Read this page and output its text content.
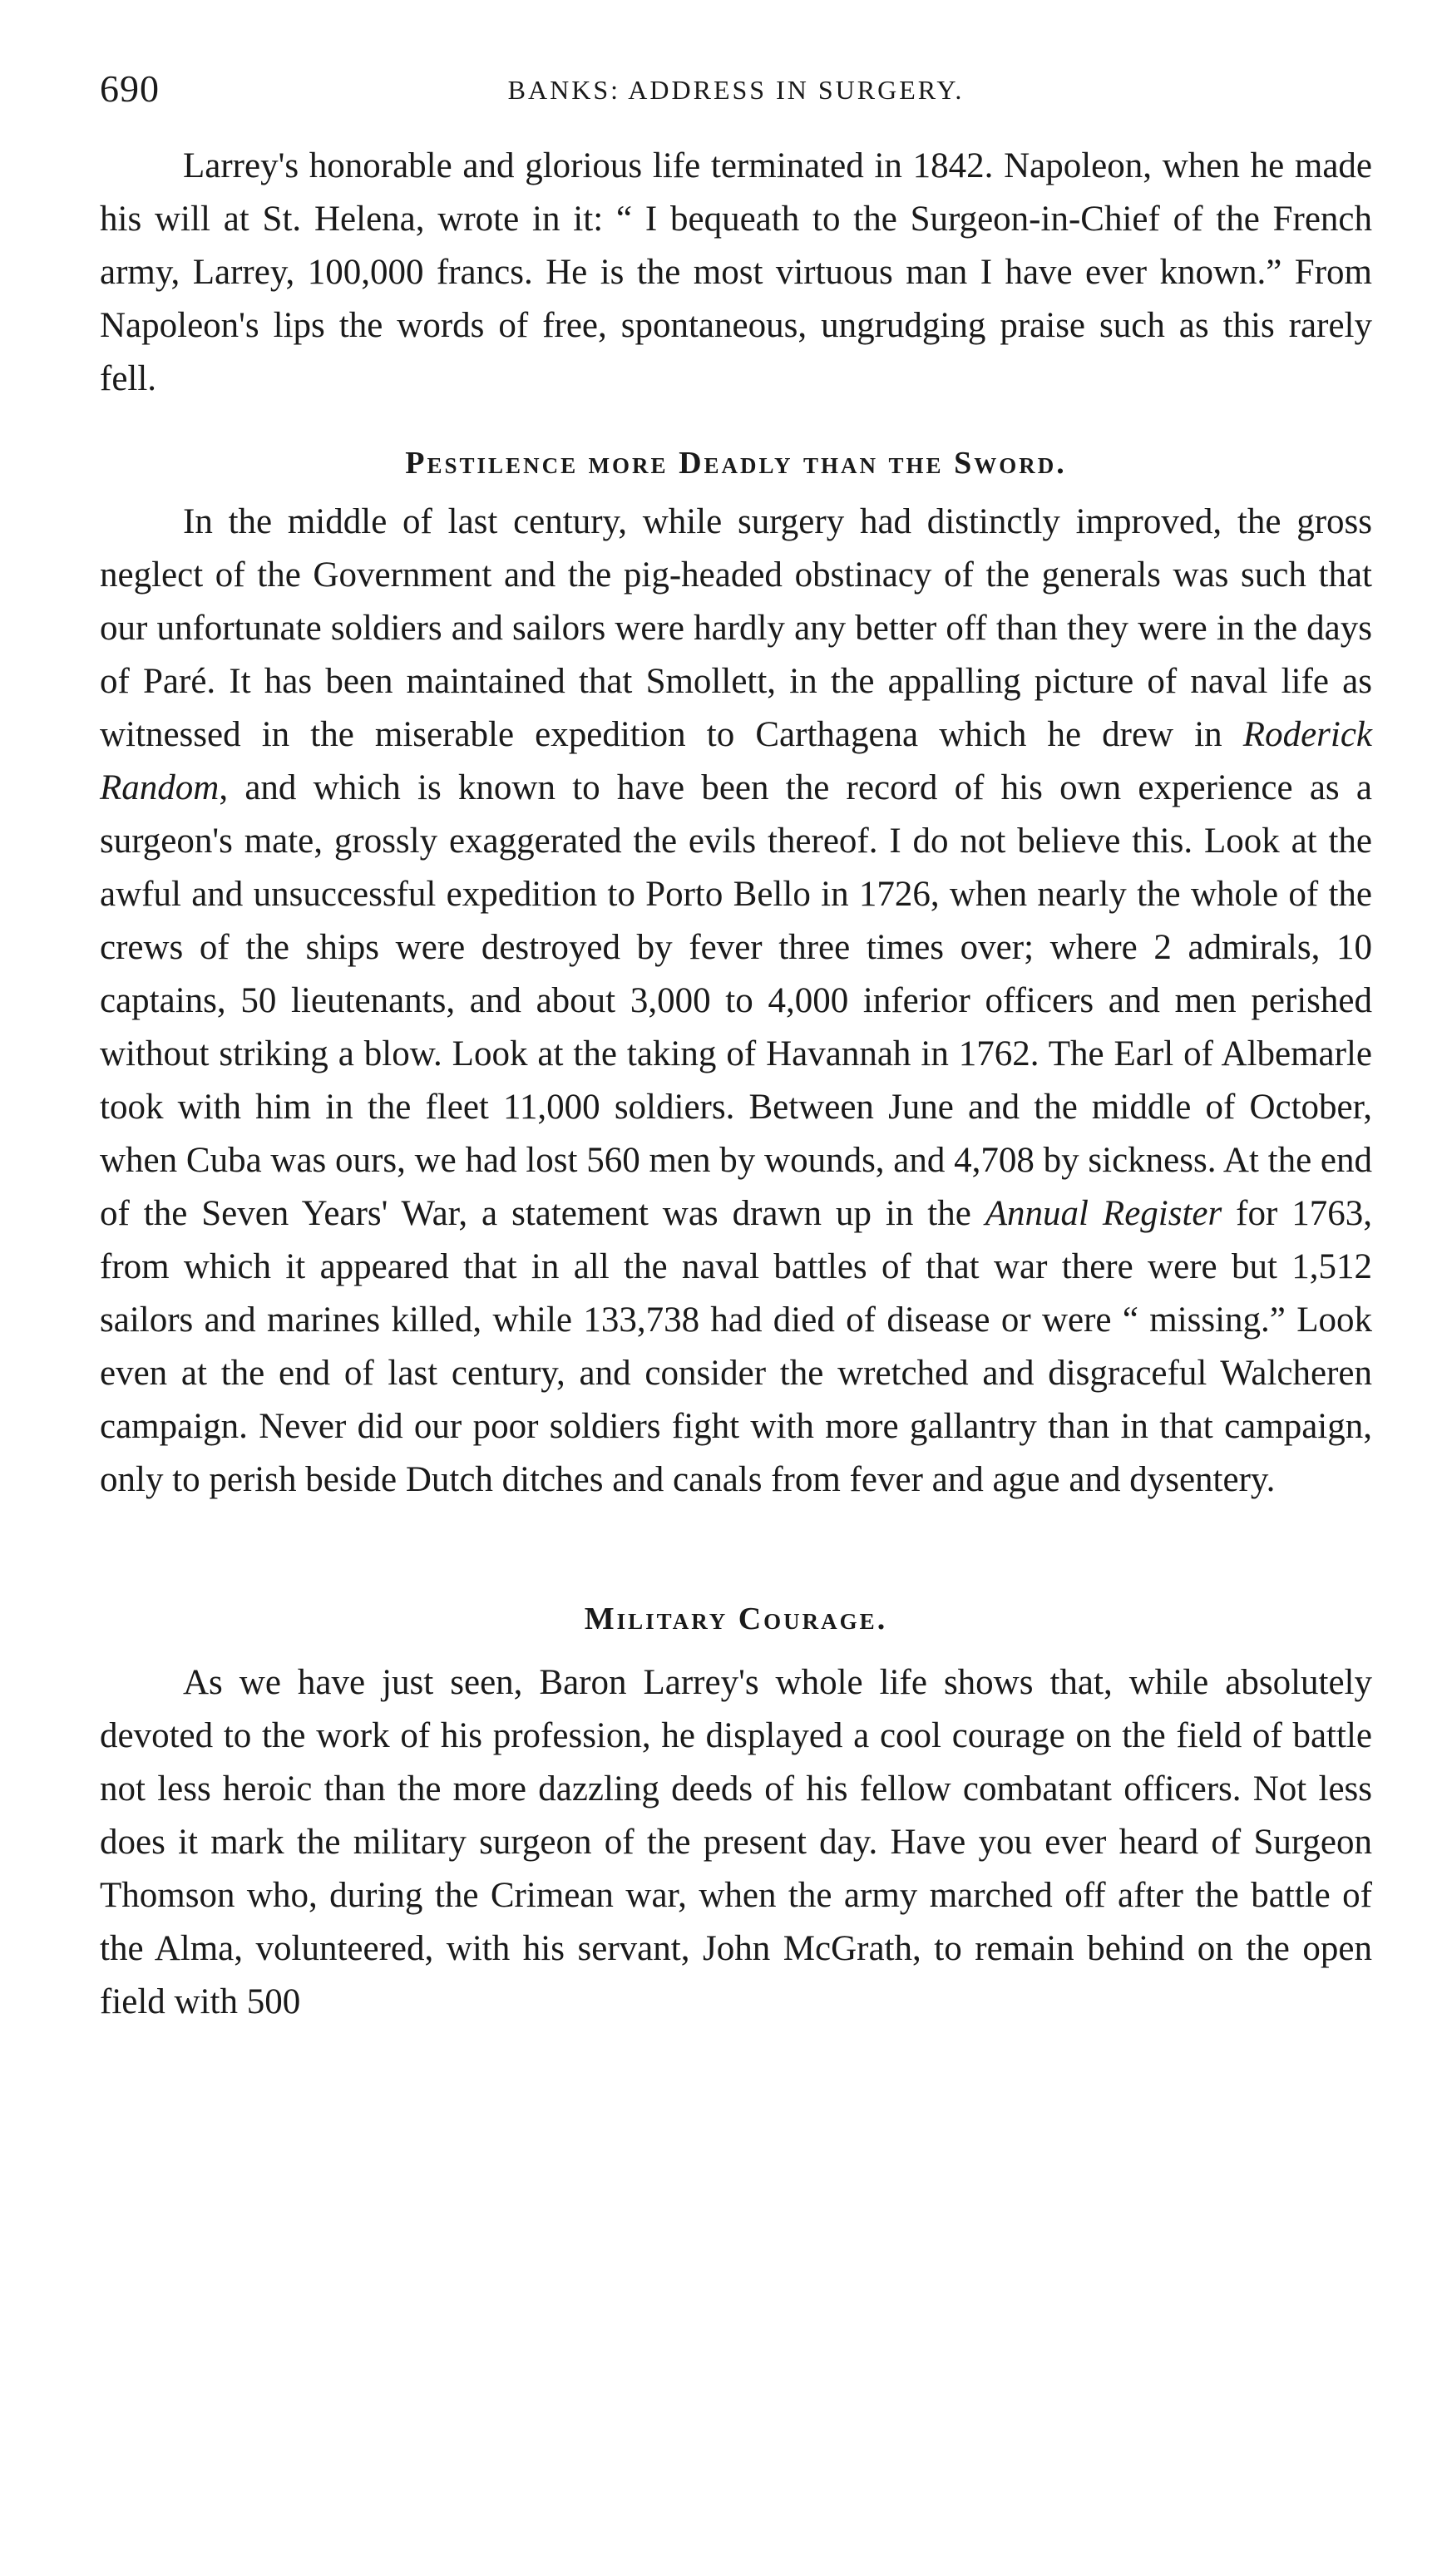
690	BANKS: ADDRESS IN SURGERY.

Larrey's honorable and glorious life terminated in 1842. Napoleon, when he made his will at St. Helena, wrote in it: “ I bequeath to the Surgeon-in-Chief of the French army, Larrey, 100,000 francs. He is the most virtuous man I have ever known.” From Napoleon's lips the words of free, spontaneous, ungrudging praise such as this rarely fell.

Pestilence more Deadly than the Sword.

In the middle of last century, while surgery had distinctly improved, the gross neglect of the Government and the pig-headed obstinacy of the generals was such that our unfortunate soldiers and sailors were hardly any better off than they were in the days of Paré. It has been maintained that Smollett, in the appalling picture of naval life as witnessed in the miserable expedition to Carthagena which he drew in Roderick Random, and which is known to have been the record of his own experience as a surgeon's mate, grossly exaggerated the evils thereof. I do not believe this. Look at the awful and unsuccessful expedition to Porto Bello in 1726, when nearly the whole of the crews of the ships were destroyed by fever three times over; where 2 admirals, 10 captains, 50 lieutenants, and about 3,000 to 4,000 inferior officers and men perished without striking a blow. Look at the taking of Havannah in 1762. The Earl of Albemarle took with him in the fleet 11,000 soldiers. Between June and the middle of October, when Cuba was ours, we had lost 560 men by wounds, and 4,708 by sickness. At the end of the Seven Years' War, a statement was drawn up in the Annual Register for 1763, from which it appeared that in all the naval battles of that war there were but 1,512 sailors and marines killed, while 133,738 had died of disease or were “ missing.” Look even at the end of last century, and consider the wretched and disgraceful Walcheren campaign. Never did our poor soldiers fight with more gallantry than in that campaign, only to perish beside Dutch ditches and canals from fever and ague and dysentery.

Military Courage.

As we have just seen, Baron Larrey's whole life shows that, while absolutely devoted to the work of his profession, he displayed a cool courage on the field of battle not less heroic than the more dazzling deeds of his fellow combatant officers. Not less does it mark the military surgeon of the present day. Have you ever heard of Surgeon Thomson who, during the Crimean war, when the army marched off after the battle of the Alma, volunteered, with his servant, John McGrath, to remain behind on the open field with 500
